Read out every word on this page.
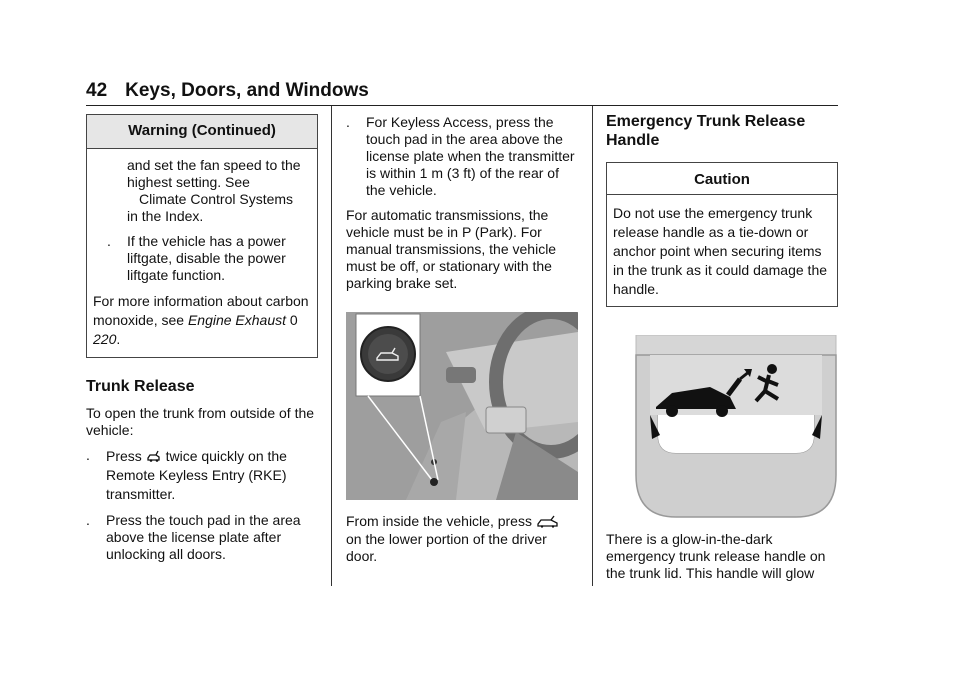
42 Keys, Doors, and Windows
Warning (Continued)

and set the fan speed to the highest setting. See

Climate Control Systems

in the Index.

.	If the vehicle has a power liftgate, disable the power liftgate function.

For more information about carbon monoxide, see Engine Exhaust 0 220.

Trunk Release

To open the trunk from outside of the vehicle:

.	Press twice quickly on the Remote Keyless Entry (RKE) transmitter.
.	Press the touch pad in the area above the license plate after unlocking all doors.
.	For Keyless Access, press the touch pad in the area above the license plate when the transmitter is within 1 m (3 ft) of the rear of the vehicle.

For automatic transmissions, the vehicle must be in P (Park). For manual transmissions, the vehicle must be off, or stationary with the parking brake set.

From inside the vehicle, press

on the lower portion of the driver door.

Emergency Trunk Release Handle
Caution
Do not use the emergency trunk release handle as a tie-down or anchor point when securing items in the trunk as it could damage the handle.

There is a glow-in-the-dark emergency trunk release handle on the trunk lid. This handle will glow
